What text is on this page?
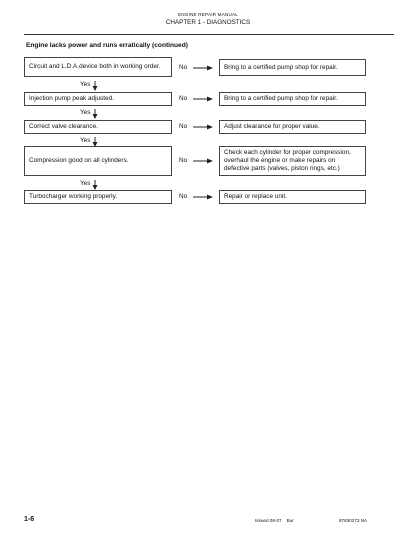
ENGINE REPAIR MANUAL
CHAPTER 1 - DIAGNOSTICS
Engine lacks power and runs erratically (continued)
Circuit and L.D.A.device both in working order.	No	Bring to a certified pump shop for repair.
Yes
Injection pump peak adjusted.	No	Bring to a certified pump shop for repair.
Yes
Correct valve clearance.	No	Adjust clearance for proper value.
Yes
Compression good on all cylinders.	No
Check each cylinder for proper compression, overhaul the engine or make repairs on defective parts (valves, piston rings, etc.)
Yes
Turbocharger working properly.	No	Repair or replace unit.
1-6	Issued 08-07    Bur	87630273 NA
